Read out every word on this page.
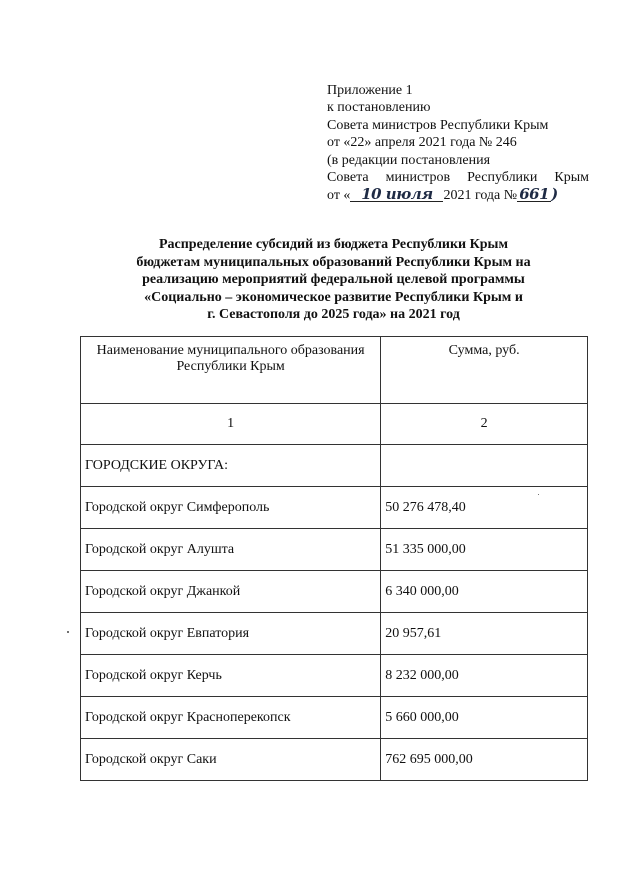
Приложение 1
к постановлению
Совета министров Республики Крым
от «22» апреля 2021 года № 246
(в редакции постановления
Совета министров Республики Крым
от « 10 июля 2021 года № 661 )
Распределение субсидий из бюджета Республики Крым
бюджетам муниципальных образований Республики Крым на
реализацию мероприятий федеральной целевой программы
«Социально – экономическое развитие Республики Крым и
г. Севастополя до 2025 года» на 2021 год
Наименование муниципального образования Республики Крым	Сумма, руб.
1	2
ГОРОДСКИЕ ОКРУГА:	
Городской округ Симферополь	50 276 478,40
Городской округ Алушта	51 335 000,00
Городской округ Джанкой	6 340 000,00
Городской округ Евпатория	20 957,61
Городской округ Керчь	8 232 000,00
Городской округ Красноперекопск	5 660 000,00
Городской округ Саки	762 695 000,00
